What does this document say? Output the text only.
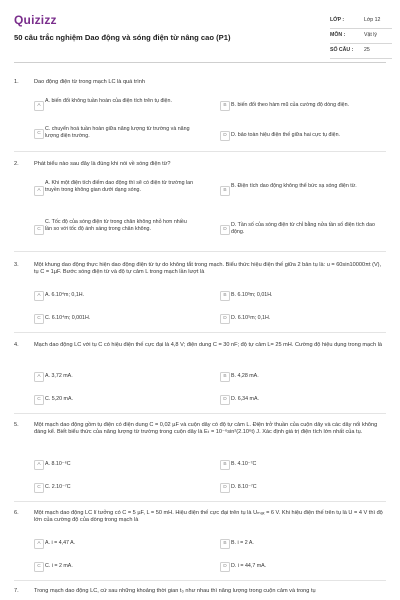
Quizizz
50 câu trắc nghiệm Dao động và sóng điện từ nâng cao (P1)
LỚP :	Lớp 12
MÔN :	Vật lý
SỐ CÂU : 25
1.	Dao động điện từ trong mạch LC là quá trình
A
A. biến đổi không tuần hoàn của điện tích trên tụ điện.
B B. biến đổi theo hàm mũ của cường độ dòng điện.
C
C. chuyển hoá tuần hoàn giữa năng lượng từ trường và năng lượng điện trường.	D D. bảo toàn hiệu điện thế giữa hai cực tụ điện.
2.	Phát biểu nào sau đây là đúng khi nói về sóng điện từ?
A
A. Khi một điện tích điểm dao động thì sẽ có điện từ trường lan truyền trong không gian dưới dạng sóng.	B
B. Điện tích dao động không thể bức xạ sóng điện từ.
C
C. Tốc độ của sóng điện từ trong chân không nhỏ hơn nhiều lần so với tốc độ ánh sáng trong chân không.	D
D. Tần số của sóng điện từ chỉ bằng nửa tần số điện tích dao động.
3.	Một khung dao động thực hiện dao động điện từ tự do không tắt trong mạch. Biểu thức hiệu điện thế giữa 2 bản tụ là: u = 60sin10000πt (V), tụ C = 1µF. Bước sóng điện từ và độ tự cảm L trong mạch lần lượt là
A A. 6.10⁴m; 0,1H.	B B. 6.10³m; 0,01H.
C C. 6.10⁴m; 0,001H.	D D. 6.10⁵m; 0,1H.
4.	Mạch dao động LC với tụ C có hiệu điện thế cực đại là 4,8 V; điện dung C = 30 nF; độ tự cảm L= 25 mH. Cường độ hiệu dụng trong mạch là
A A. 3,72 mA.	B B. 4,28 mA.
C C. 5,20 mA.	D D. 6,34 mA.
5.	Một mạch dao động gồm tụ điện có điện dung C = 0,02 µF và cuộn dây có độ tự cảm L. Điện trở thuần của cuộn dây và các dây nối không đáng kể. Biết biểu thức của năng lượng từ trường trong cuộn dây là Eₜ = 10⁻⁶sin²(2.10⁶t) J. Xác định giá trị điện tích lớn nhất của tụ.
A A. 8.10⁻⁶C	B B. 4.10⁻⁷C
C C. 2.10⁻⁷C	D D. 8.10⁻⁷C
6.	Một mạch dao động LC lí tưởng có C = 5 µF, L = 50 mH. Hiệu điện thế cực đại trên tụ là Uₘₐₓ = 6 V. Khi hiệu điện thế trên tụ là U = 4 V thì độ lớn của cường độ của dòng trong mạch là
A A. i = 4,47 A.	B B. i = 2 A.
C C. i = 2 mA.	D D. i = 44,7 mA.
7.	Trong mạch dao động LC, cứ sau những khoảng thời gian t₀ như nhau thì năng lượng trong cuộn cảm và trong tụ
